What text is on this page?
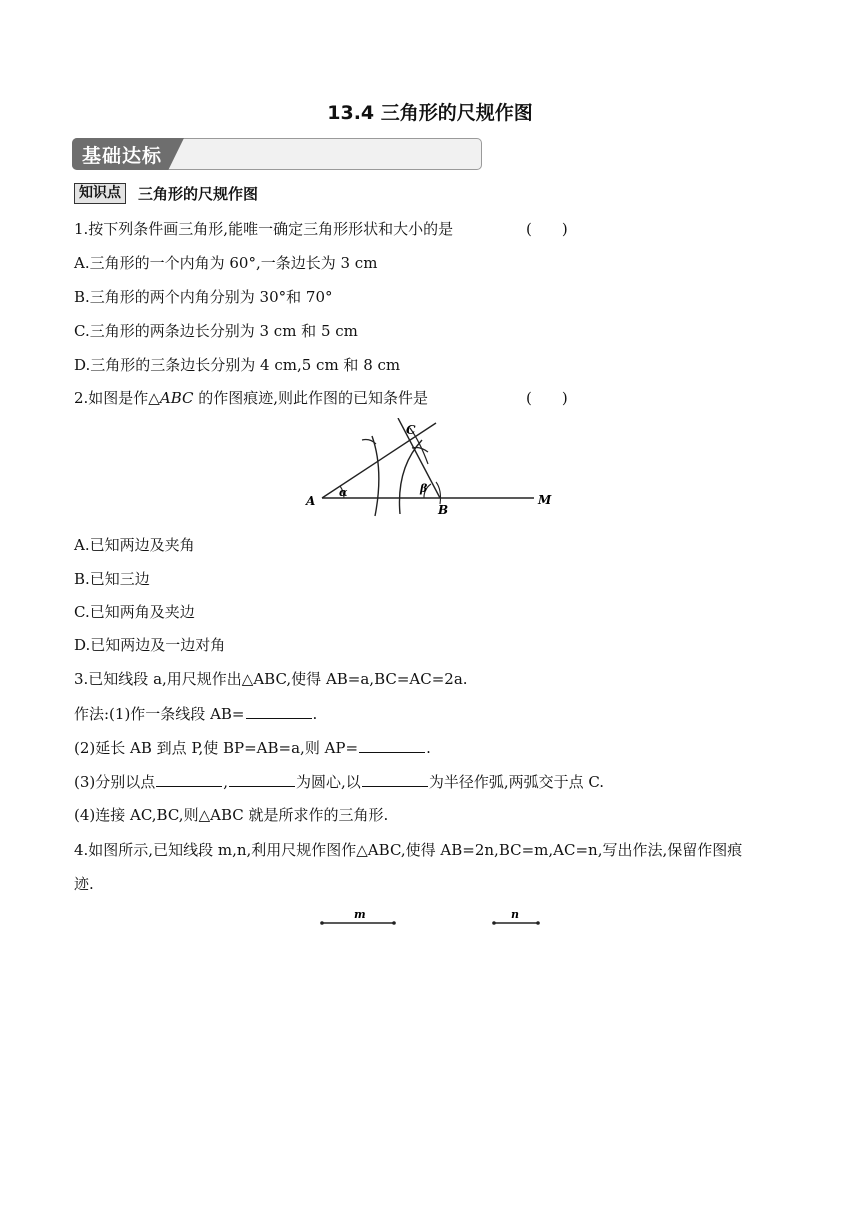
13.4 三角形的尺规作图
基础达标
知识点	三角形的尺规作图
1.按下列条件画三角形,能唯一确定三角形形状和大小的是	(　　)
A.三角形的一个内角为 60°,一条边长为 3 cm
B.三角形的两个内角分别为 30°和 70°
C.三角形的两条边长分别为 3 cm 和 5 cm
D.三角形的三条边长分别为 4 cm,5 cm 和 8 cm
2.如图是作△ABC 的作图痕迹,则此作图的已知条件是	(　　)
A
α	β
B
C
M
A.已知两边及夹角
B.已知三边
C.已知两角及夹边
D.已知两边及一边对角
3.已知线段 a,用尺规作出△ABC,使得 AB=a,BC=AC=2a.
作法:(1)作一条线段 AB=	.
(2)延长 AB 到点 P,使 BP=AB=a,则 AP=	.
(3)分别以点	,	为圆心,以	为半径作弧,两弧交于点 C.
(4)连接 AC,BC,则△ABC 就是所求作的三角形.
4.如图所示,已知线段 m,n,利用尺规作图作△ABC,使得 AB=2n,BC=m,AC=n,写出作法,保留作图痕
迹.
m	n
